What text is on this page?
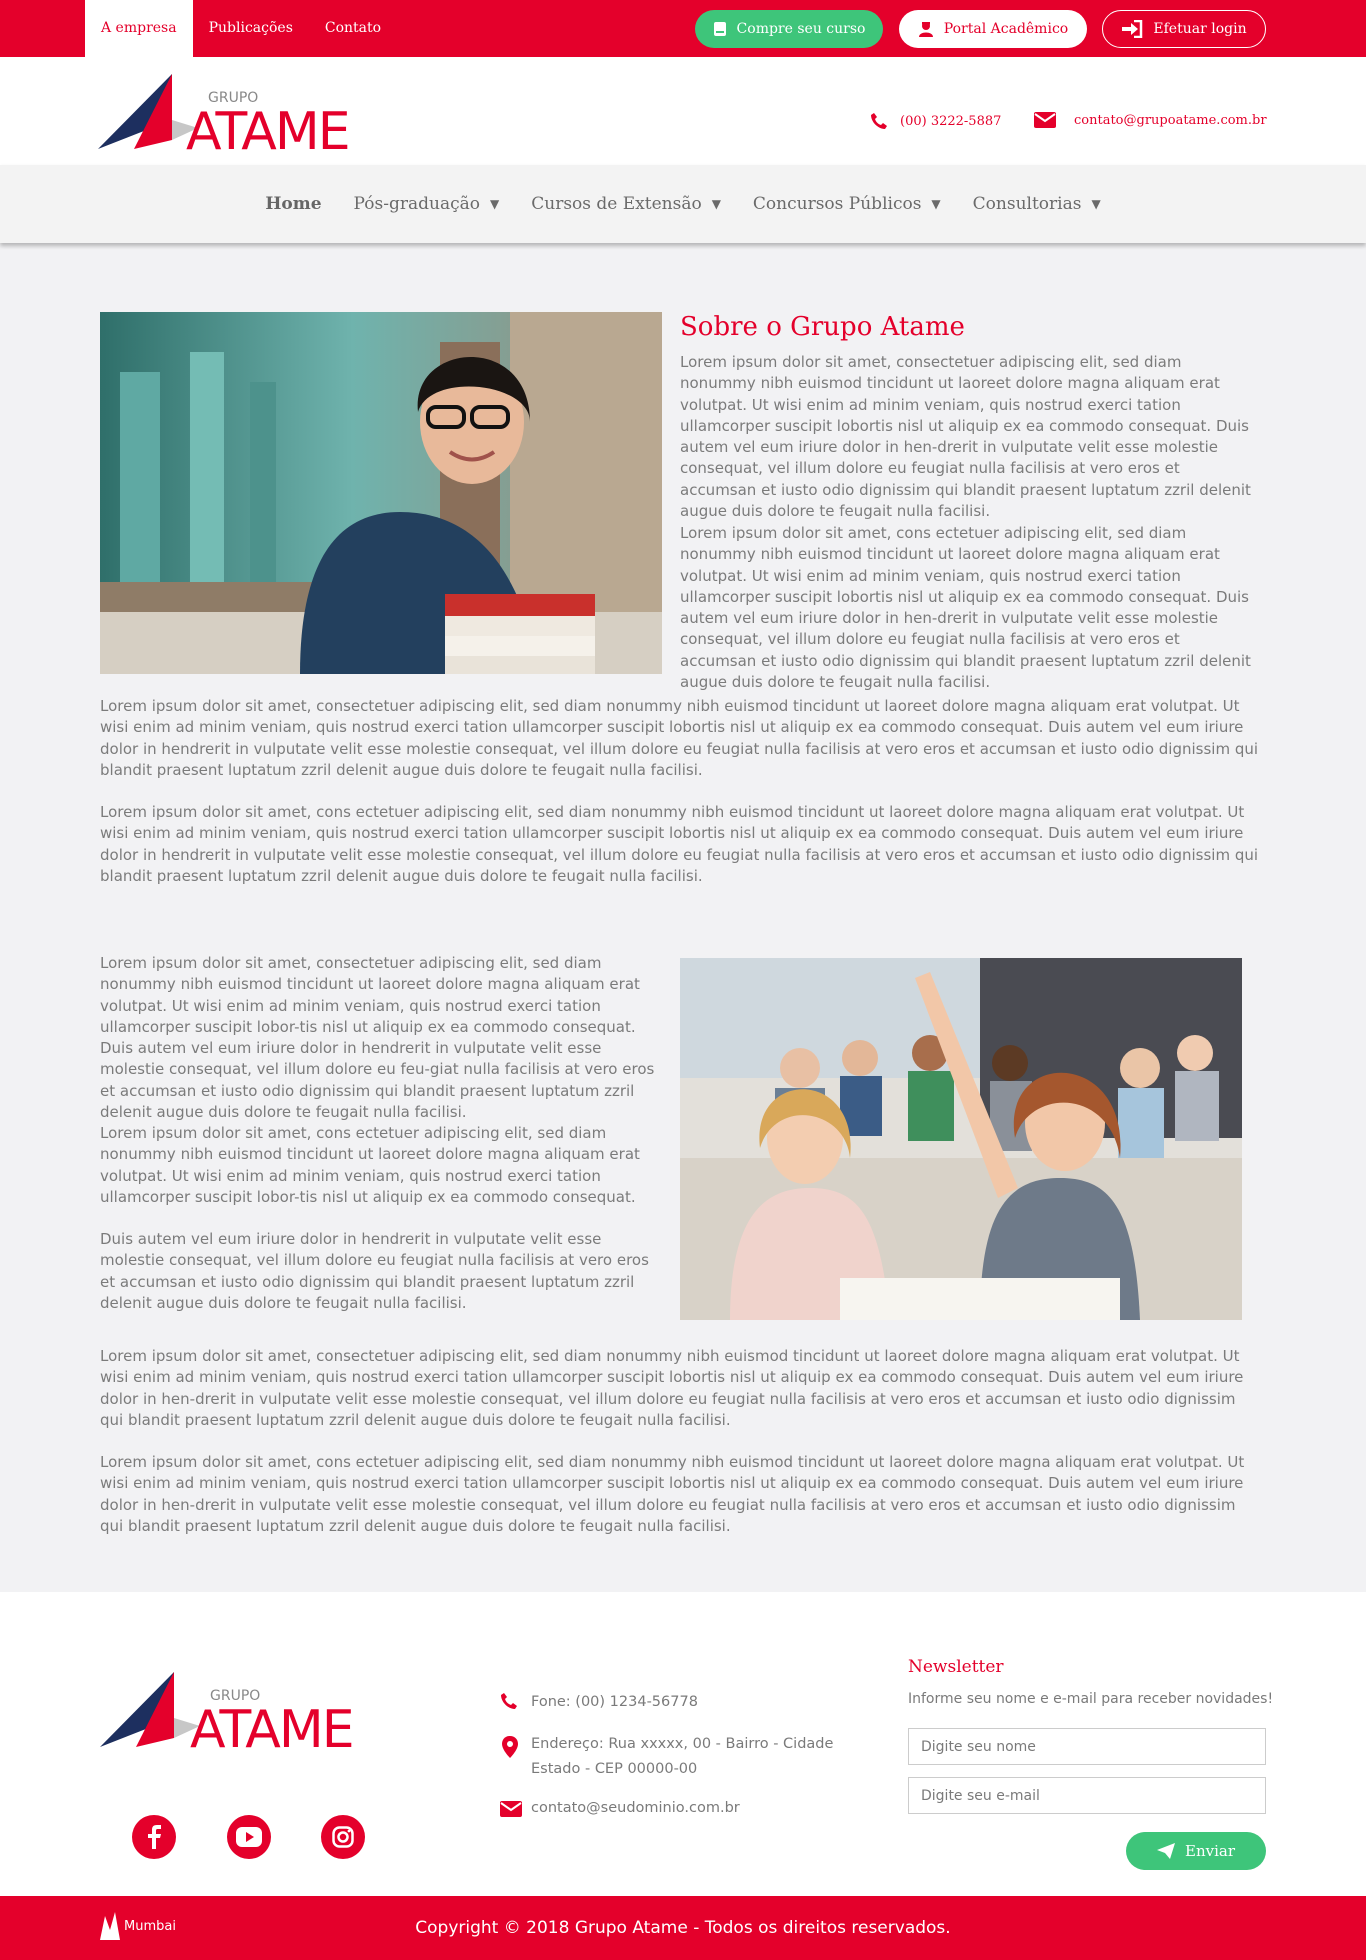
A empresa	Publicações	Contato	Compre seu curso	Portal Acadêmico	Efetuar login
GRUPO
ATAME	(00) 3222-5887	contato@grupoatame.com.br
Home Pós-graduação ▼ Cursos de Extensão ▼ Concursos Públicos ▼ Consultorias ▼
Sobre o Grupo Atame
Lorem ipsum dolor sit amet, consectetuer adipiscing elit, sed diam nonummy nibh euismod tincidunt ut laoreet dolore magna aliquam erat volutpat. Ut wisi enim ad minim veniam, quis nostrud exerci tation ullamcorper suscipit lobortis nisl ut aliquip ex ea commodo consequat. Duis autem vel eum iriure dolor in hen-drerit in vulputate velit esse molestie consequat, vel illum dolore eu feugiat nulla facilisis at vero eros et accumsan et iusto odio dignissim qui blandit praesent luptatum zzril delenit augue duis dolore te feugait nulla facilisi.
Lorem ipsum dolor sit amet, cons ectetuer adipiscing elit, sed diam nonummy nibh euismod tincidunt ut laoreet dolore magna aliquam erat volutpat. Ut wisi enim ad minim veniam, quis nostrud exerci tation ullamcorper suscipit lobortis nisl ut aliquip ex ea commodo consequat. Duis autem vel eum iriure dolor in hen-drerit in vulputate velit esse molestie consequat, vel illum dolore eu feugiat nulla facilisis at vero eros et accumsan et iusto odio dignissim qui blandit praesent luptatum zzril delenit augue duis dolore te feugait nulla facilisi.
Lorem ipsum dolor sit amet, consectetuer adipiscing elit, sed diam nonummy nibh euismod tincidunt ut laoreet dolore magna aliquam erat volutpat. Ut wisi enim ad minim veniam, quis nostrud exerci tation ullamcorper suscipit lobortis nisl ut aliquip ex ea commodo consequat. Duis autem vel eum iriure dolor in hendrerit in vulputate velit esse molestie consequat, vel illum dolore eu feugiat nulla facilisis at vero eros et accumsan et iusto odio dignissim qui blandit praesent luptatum zzril delenit augue duis dolore te feugait nulla facilisi.
Lorem ipsum dolor sit amet, cons ectetuer adipiscing elit, sed diam nonummy nibh euismod tincidunt ut laoreet dolore magna aliquam erat volutpat. Ut wisi enim ad minim veniam, quis nostrud exerci tation ullamcorper suscipit lobortis nisl ut aliquip ex ea commodo consequat. Duis autem vel eum iriure dolor in hendrerit in vulputate velit esse molestie consequat, vel illum dolore eu feugiat nulla facilisis at vero eros et accumsan et iusto odio dignissim qui blandit praesent luptatum zzril delenit augue duis dolore te feugait nulla facilisi.
Lorem ipsum dolor sit amet, consectetuer adipiscing elit, sed diam nonummy nibh euismod tincidunt ut laoreet dolore magna aliquam erat volutpat. Ut wisi enim ad minim veniam, quis nostrud exerci tation ullamcorper suscipit lobor-tis nisl ut aliquip ex ea commodo consequat. Duis autem vel eum iriure dolor in hendrerit in vulputate velit esse molestie consequat, vel illum dolore eu feu-giat nulla facilisis at vero eros et accumsan et iusto odio dignissim qui blandit praesent luptatum zzril delenit augue duis dolore te feugait nulla facilisi.
Lorem ipsum dolor sit amet, cons ectetuer adipiscing elit, sed diam nonummy nibh euismod tincidunt ut laoreet dolore magna aliquam erat volutpat. Ut wisi enim ad minim veniam, quis nostrud exerci tation ullamcorper suscipit lobor-tis nisl ut aliquip ex ea commodo consequat.
Duis autem vel eum iriure dolor in hendrerit in vulputate velit esse molestie consequat, vel illum dolore eu feugiat nulla facilisis at vero eros et accumsan et iusto odio dignissim qui blandit praesent luptatum zzril delenit augue duis dolore te feugait nulla facilisi.
Lorem ipsum dolor sit amet, consectetuer adipiscing elit, sed diam nonummy nibh euismod tincidunt ut laoreet dolore magna aliquam erat volutpat. Ut wisi enim ad minim veniam, quis nostrud exerci tation ullamcorper suscipit lobortis nisl ut aliquip ex ea commodo consequat. Duis autem vel eum iriure dolor in hen-drerit in vulputate velit esse molestie consequat, vel illum dolore eu feugiat nulla facilisis at vero eros et accumsan et iusto odio dignissim qui blandit praesent luptatum zzril delenit augue duis dolore te feugait nulla facilisi.
Lorem ipsum dolor sit amet, cons ectetuer adipiscing elit, sed diam nonummy nibh euismod tincidunt ut laoreet dolore magna aliquam erat volutpat. Ut wisi enim ad minim veniam, quis nostrud exerci tation ullamcorper suscipit lobortis nisl ut aliquip ex ea commodo consequat. Duis autem vel eum iriure dolor in hen-drerit in vulputate velit esse molestie consequat, vel illum dolore eu feugiat nulla facilisis at vero eros et accumsan et iusto odio dignissim qui blandit praesent luptatum zzril delenit augue duis dolore te feugait nulla facilisi.
GRUPO
ATAME	Fone: (00) 1234-56778
Endereço: Rua xxxxx, 00 - Bairro - Cidade
Estado - CEP 00000-00
contato@seudominio.com.br
Newsletter
Informe seu nome e e-mail para receber novidades!
Digite seu nome
Digite seu e-mail
Enviar
Mumbai	Copyright © 2018 Grupo Atame - Todos os direitos reservados.
